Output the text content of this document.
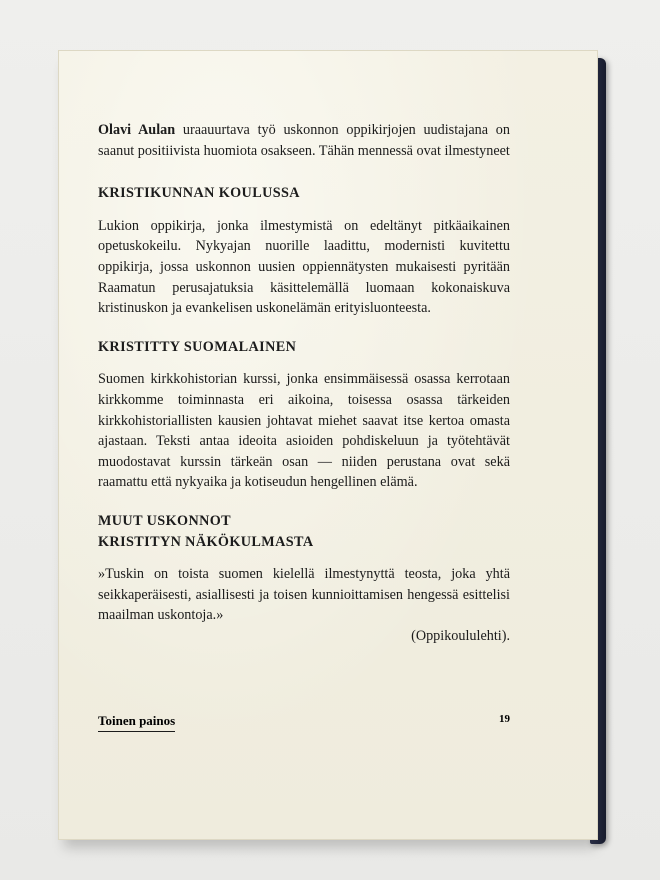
Olavi Aulan uraauurtava työ uskonnon oppikirjojen uudistajana on saanut positiivista huomiota osakseen. Tähän mennessä ovat ilmestyneet

KRISTIKUNNAN KOULUSSA

Lukion oppikirja, jonka ilmestymistä on edeltänyt pitkäaikainen opetuskokeilu. Nykyajan nuorille laadittu, modernisti kuvitettu oppikirja, jossa uskonnon uusien oppiennätysten mukaisesti pyritään Raamatun perusajatuksia käsittelemällä luomaan kokonaiskuva kristinuskon ja evankelisen uskonelämän erityisluonteesta.

KRISTITTY SUOMALAINEN

Suomen kirkkohistorian kurssi, jonka ensimmäisessä osassa kerrotaan kirkkomme toiminnasta eri aikoina, toisessa osassa tärkeiden kirkkohistoriallisten kausien johtavat miehet saavat itse kertoa omasta ajastaan. Teksti antaa ideoita asioiden pohdiskeluun ja työtehtävät muodostavat kurssin tärkeän osan — niiden perustana ovat sekä raamattu että nykyaika ja kotiseudun hengellinen elämä.

MUUT USKONNOT
KRISTITYN NÄKÖKULMASTA

»Tuskin on toista suomen kielellä ilmestynyttä teosta, joka yhtä seikkaperäisesti, asiallisesti ja toisen kunnioittamisen hengessä esittelisi maailman uskontoja.»

(Oppikoululehti).

Toinen painos	19
